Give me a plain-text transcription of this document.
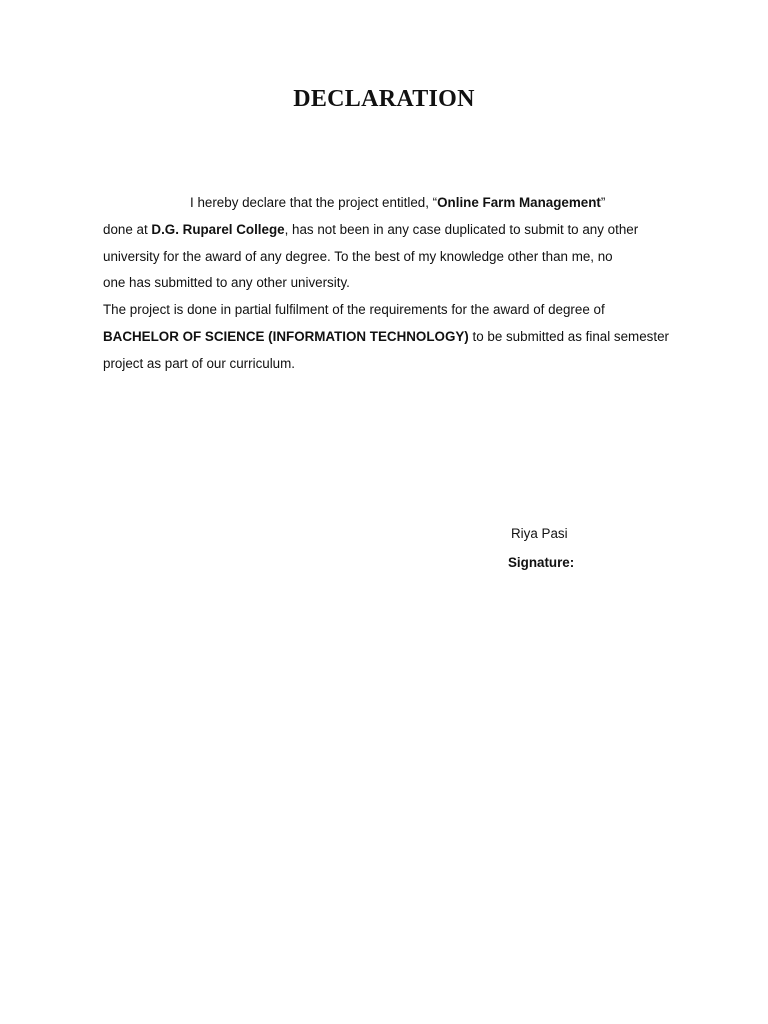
DECLARATION

I hereby declare that the project entitled, “Online Farm Management”
done at D.G. Ruparel College, has not been in any case duplicated to submit to any other
university for the award of any degree. To the best of my knowledge other than me, no
one has submitted to any other university.

The project is done in partial fulfilment of the requirements for the award of degree of
BACHELOR OF SCIENCE (INFORMATION TECHNOLOGY) to be submitted as final semester
project as part of our curriculum.

Riya Pasi

Signature:
